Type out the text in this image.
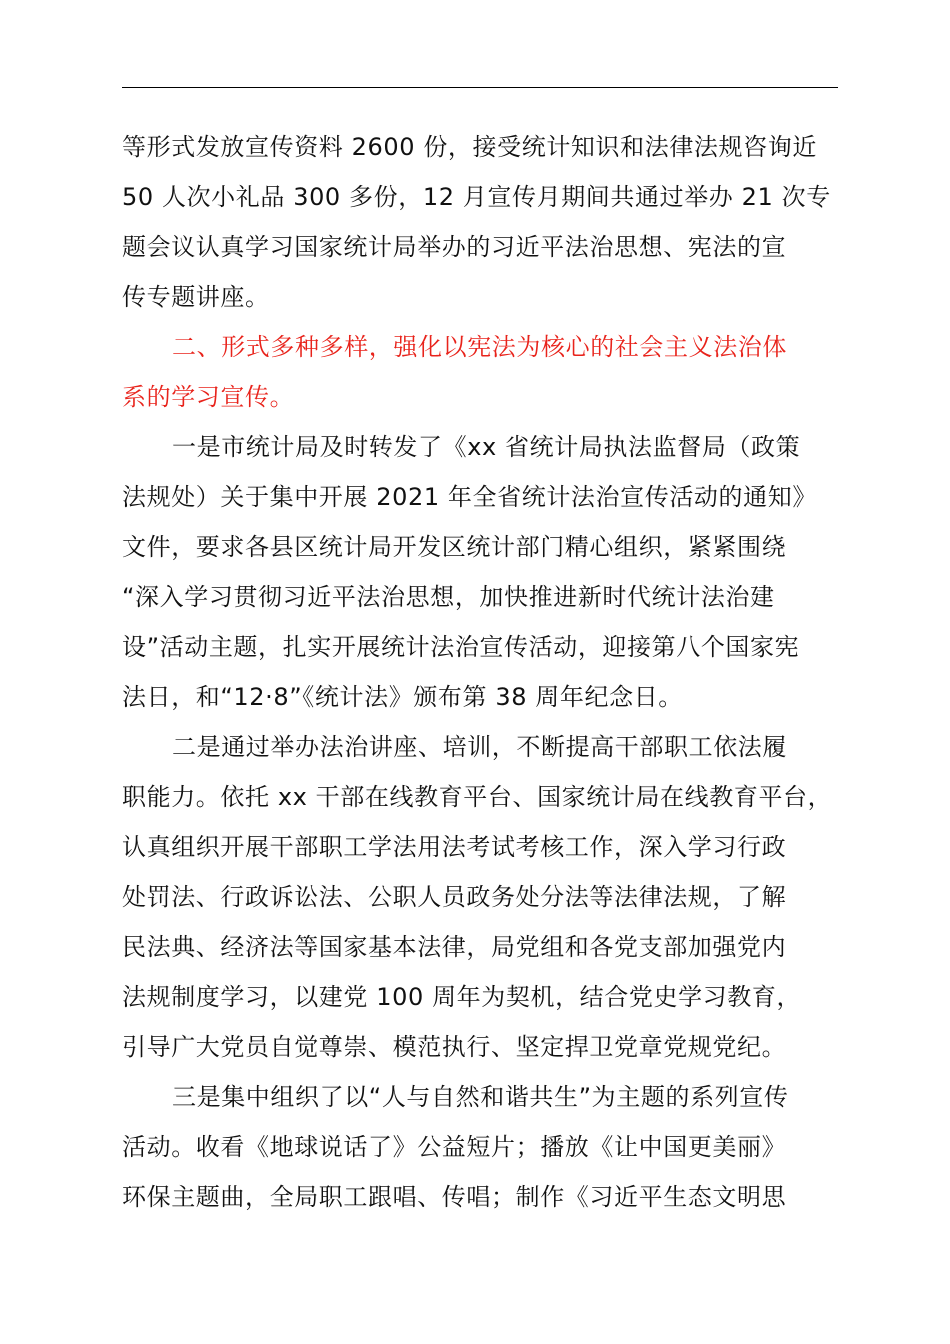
等形式发放宣传资料 2600 份，接受统计知识和法律法规咨询近
50 人次小礼品 300 多份，12 月宣传月期间共通过举办 21 次专
题会议认真学习国家统计局举办的习近平法治思想、宪法的宣
传专题讲座。
二、形式多种多样，强化以宪法为核心的社会主义法治体
系的学习宣传。
一是市统计局及时转发了《xx 省统计局执法监督局（政策
法规处）关于集中开展 2021 年全省统计法治宣传活动的通知》
文件，要求各县区统计局开发区统计部门精心组织，紧紧围绕
“深入学习贯彻习近平法治思想，加快推进新时代统计法治建
设”活动主题，扎实开展统计法治宣传活动，迎接第八个国家宪
法日，和“12·8”《统计法》颁布第 38 周年纪念日。
二是通过举办法治讲座、培训，不断提高干部职工依法履
职能力。依托 xx 干部在线教育平台、国家统计局在线教育平台，
认真组织开展干部职工学法用法考试考核工作，深入学习行政
处罚法、行政诉讼法、公职人员政务处分法等法律法规，了解
民法典、经济法等国家基本法律，局党组和各党支部加强党内
法规制度学习，以建党 100 周年为契机，结合党史学习教育，
引导广大党员自觉尊崇、模范执行、坚定捍卫党章党规党纪。
三是集中组织了以“人与自然和谐共生”为主题的系列宣传
活动。收看《地球说话了》公益短片；播放《让中国更美丽》
环保主题曲，全局职工跟唱、传唱；制作《习近平生态文明思
